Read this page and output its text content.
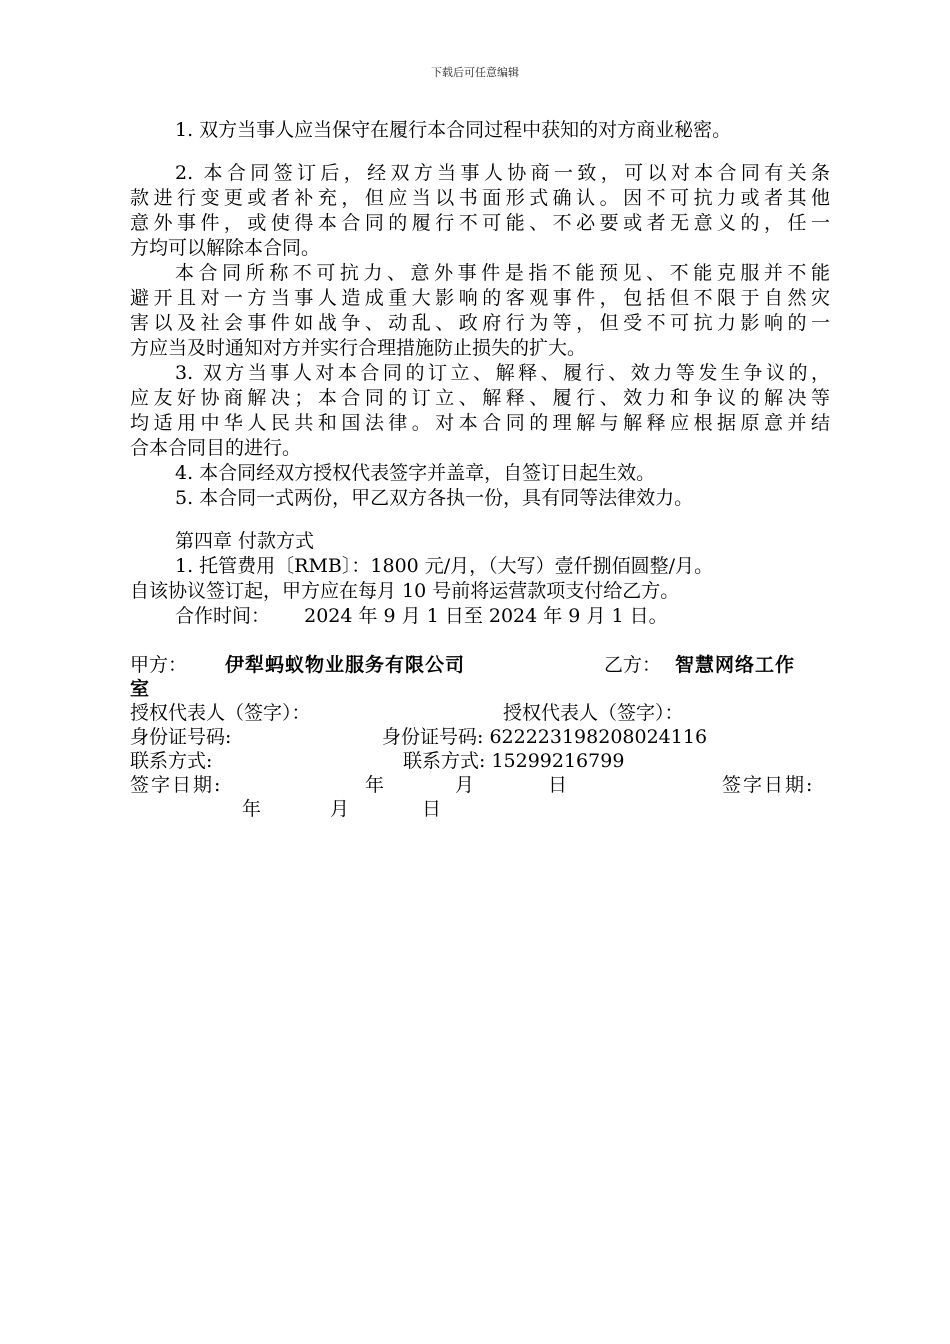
下载后可任意编辑
1. 双方当事人应当保守在履行本合同过程中获知的对方商业秘密。
2. 本合同签订后，经双方当事人协商一致，可以对本合同有关条
款进行变更或者补充，但应当以书面形式确认。因不可抗力或者其他
意外事件，或使得本合同的履行不可能、不必要或者无意义的，任一
方均可以解除本合同。
本合同所称不可抗力、意外事件是指不能预见、不能克服并不能
避开且对一方当事人造成重大影响的客观事件，包括但不限于自然灾
害以及社会事件如战争、动乱、政府行为等，但受不可抗力影响的一
方应当及时通知对方并实行合理措施防止损失的扩大。
3. 双方当事人对本合同的订立、解释、履行、效力等发生争议的，
应友好协商解决；本合同的订立、解释、履行、效力和争议的解决等
均适用中华人民共和国法律。对本合同的理解与解释应根据原意并结
合本合同目的进行。
4. 本合同经双方授权代表签字并盖章，自签订日起生效。
5. 本合同一式两份，甲乙双方各执一份，具有同等法律效力。
第四章 付款方式
1. 托管费用〔RMB〕：1800 元/月，（大写）壹仟捌佰圆整/月。
自该协议签订起，甲方应在每月 10 号前将运营款项支付给乙方。
合作时间： 2024 年 9 月 1 日至 2024 年 9 月 1 日。
甲方： 伊犁蚂蚁物业服务有限公司	乙方： 智慧网络工作
室
授权代表人（签字）：	授权代表人（签字）：
身份证号码:	身份证号码: 622223198208024116
联系方式:	联系方式: 15299216799
签字日期:	年	月	日	签字日期:
年	月	日
